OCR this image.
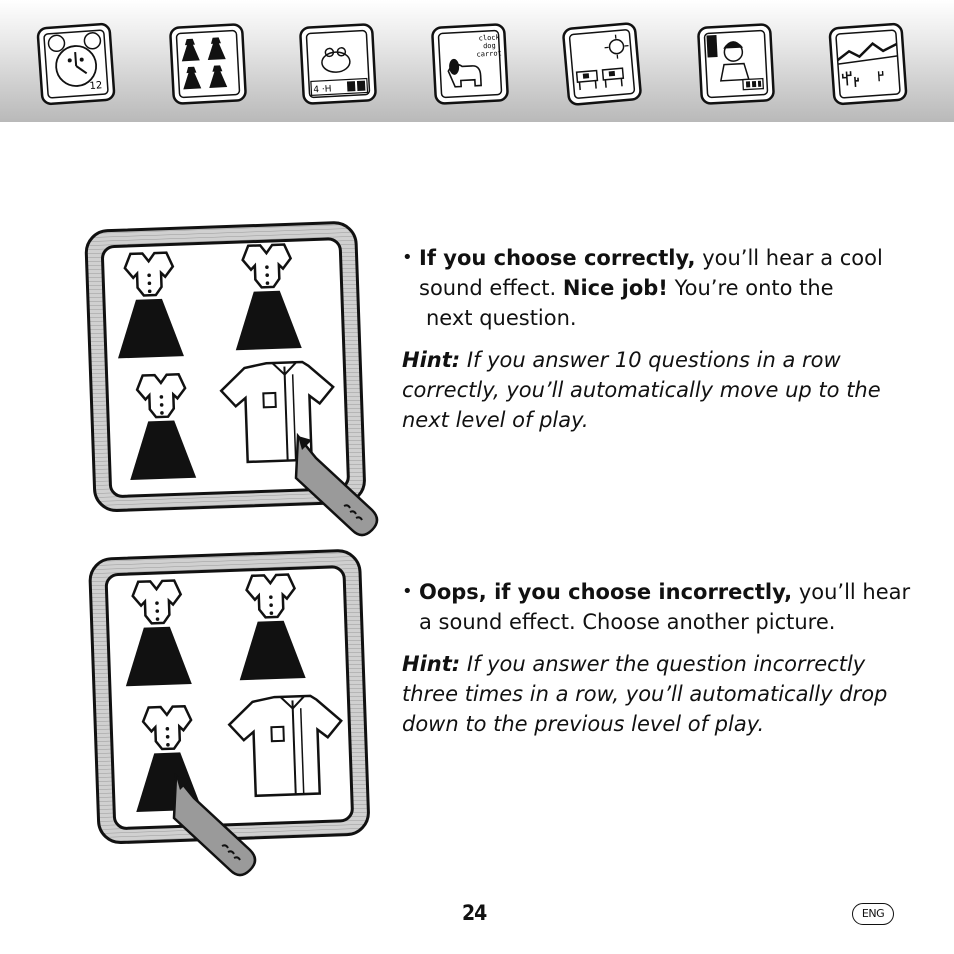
12	4 ·H
clock
dog
carrot

• If you choose correctly, you’ll hear a cool
sound effect. Nice job! You’re onto the
next question.

Hint: If you answer 10 questions in a row correctly, you’ll automatically move up to the next level of play.

• Oops, if you choose incorrectly, you’ll hear
a sound effect. Choose another picture.

Hint: If you answer the question incorrectly three times in a row, you’ll automatically drop down to the previous level of play.

24	ENG
